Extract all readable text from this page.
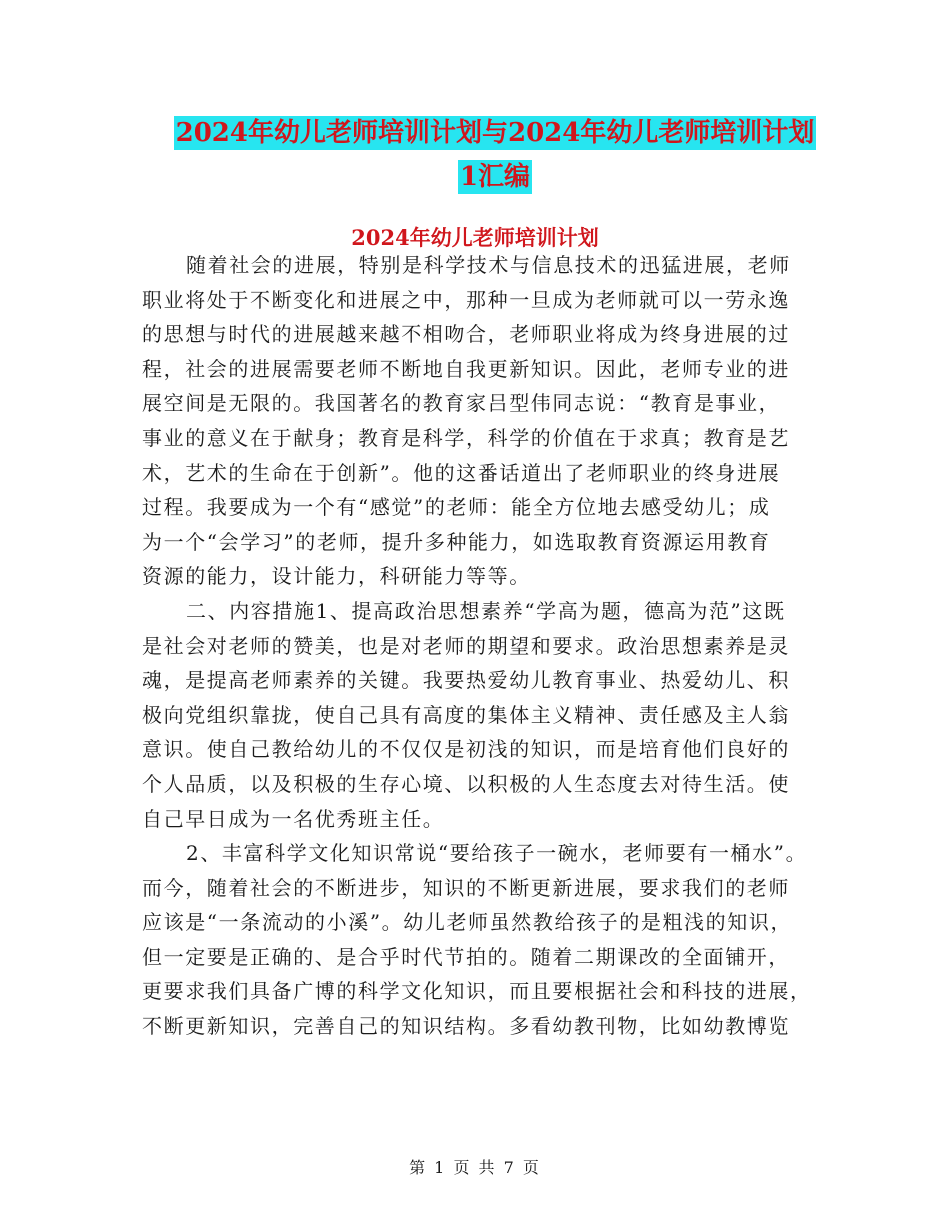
2024年幼儿老师培训计划与2024年幼儿老师培训计划
1汇编
2024年幼儿老师培训计划
随着社会的进展，特别是科学技术与信息技术的迅猛进展，老师
职业将处于不断变化和进展之中，那种一旦成为老师就可以一劳永逸
的思想与时代的进展越来越不相吻合，老师职业将成为终身进展的过
程，社会的进展需要老师不断地自我更新知识。因此，老师专业的进
展空间是无限的。我国著名的教育家吕型伟同志说：“教育是事业，
事业的意义在于献身；教育是科学，科学的价值在于求真；教育是艺
术，艺术的生命在于创新”。他的这番话道出了老师职业的终身进展
过程。我要成为一个有“感觉”的老师：能全方位地去感受幼儿；成
为一个“会学习”的老师，提升多种能力，如选取教育资源运用教育
资源的能力，设计能力，科研能力等等。
二、内容措施1、提高政治思想素养“学高为题，德高为范”这既
是社会对老师的赞美，也是对老师的期望和要求。政治思想素养是灵
魂，是提高老师素养的关键。我要热爱幼儿教育事业、热爱幼儿、积
极向党组织靠拢，使自己具有高度的集体主义精神、责任感及主人翁
意识。使自己教给幼儿的不仅仅是初浅的知识，而是培育他们良好的
个人品质，以及积极的生存心境、以积极的人生态度去对待生活。使
自己早日成为一名优秀班主任。
2、丰富科学文化知识常说“要给孩子一碗水，老师要有一桶水”。
而今，随着社会的不断进步，知识的不断更新进展，要求我们的老师
应该是“一条流动的小溪”。幼儿老师虽然教给孩子的是粗浅的知识，
但一定要是正确的、是合乎时代节拍的。随着二期课改的全面铺开，
更要求我们具备广博的科学文化知识，而且要根据社会和科技的进展，
不断更新知识，完善自己的知识结构。多看幼教刊物，比如幼教博览
第 1 页 共 7 页
